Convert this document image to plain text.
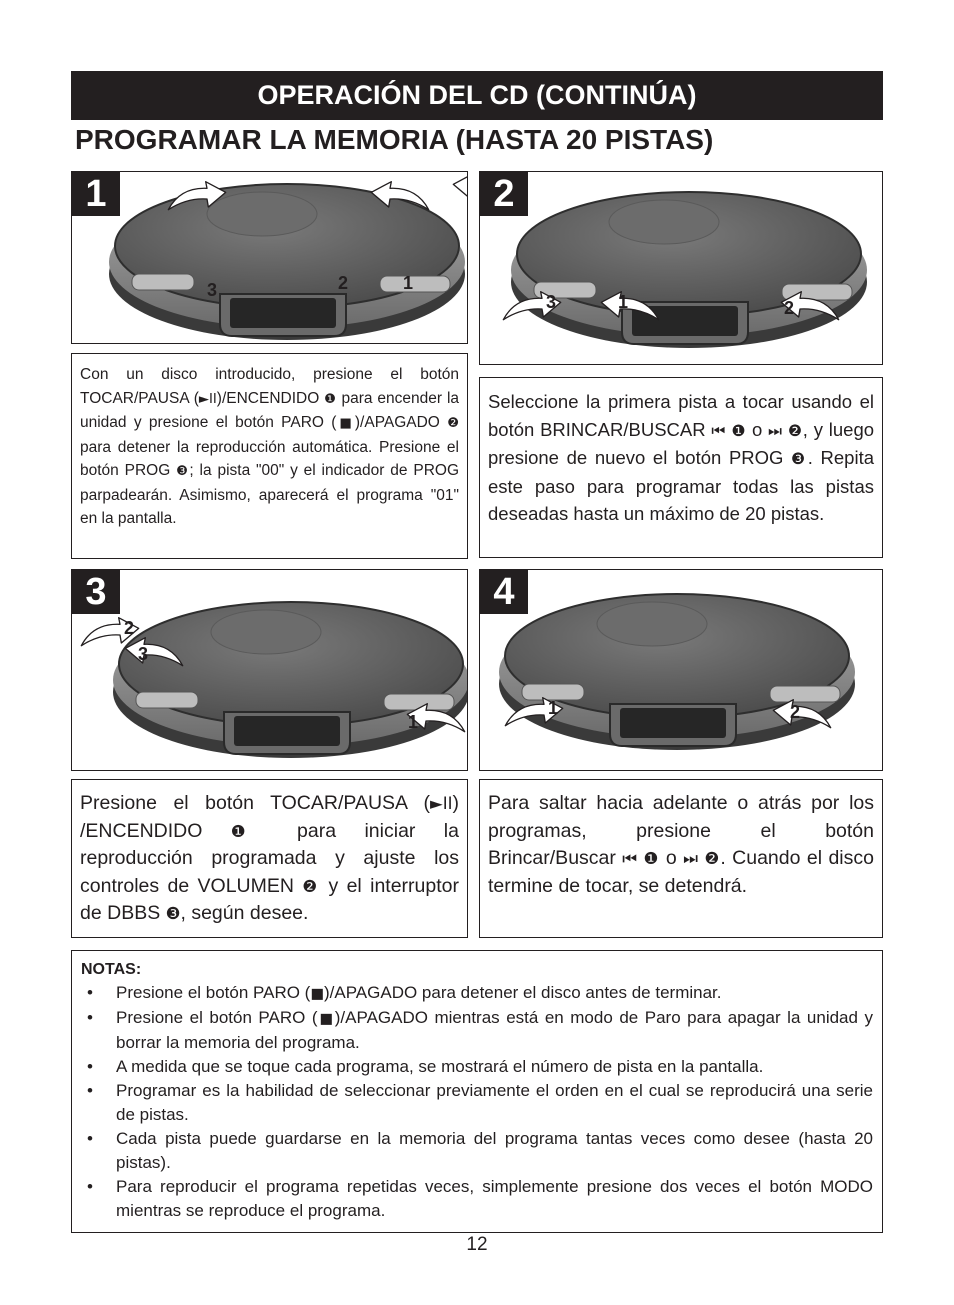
OPERACIÓN DEL CD (CONTINÚA)
PROGRAMAR LA MEMORIA (HASTA 20 PISTAS)
3	2	1
1
3	1	2
2
Con un disco introducido, presione el botón TOCAR/PAUSA (►II)/ENCENDIDO ❶ para encender la unidad y presione el botón PARO (■)/APAGADO ❷ para detener la reproducción automática. Presione el botón PROG ❸; la pista "00" y el indicador de PROG parpadearán. Asimismo, aparecerá el programa "01" en la pantalla.
Seleccione la primera pista a tocar usando el botón BRINCAR/BUSCAR ⏮ ❶ o ⏭ ❷, y luego presione de nuevo el botón PROG ❸. Repita este paso para programar todas las pistas deseadas hasta un máximo de 20 pistas.
2
3
1
3
1	2
4
Presione el botón TOCAR/PAUSA (►II) /ENCENDIDO ❶ para iniciar la reproducción programada y ajuste los controles de VOLUMEN ❷ y el interruptor de DBBS ❸, según desee.
Para saltar hacia adelante o atrás por los programas, presione el botón Brincar/Buscar ⏮ ❶ o ⏭ ❷. Cuando el disco termine de tocar, se detendrá.
NOTAS:
• Presione el botón PARO (■)/APAGADO para detener el disco antes de terminar.
• Presione el botón PARO (■)/APAGADO mientras está en modo de Paro para apagar la unidad y borrar la memoria del programa.
• A medida que se toque cada programa, se mostrará el número de pista en la pantalla.
• Programar es la habilidad de seleccionar previamente el orden en el cual se reproducirá una serie de pistas.
• Cada pista puede guardarse en la memoria del programa tantas veces como desee (hasta 20 pistas).
• Para reproducir el programa repetidas veces, simplemente presione dos veces el botón MODO mientras se reproduce el programa.
12
